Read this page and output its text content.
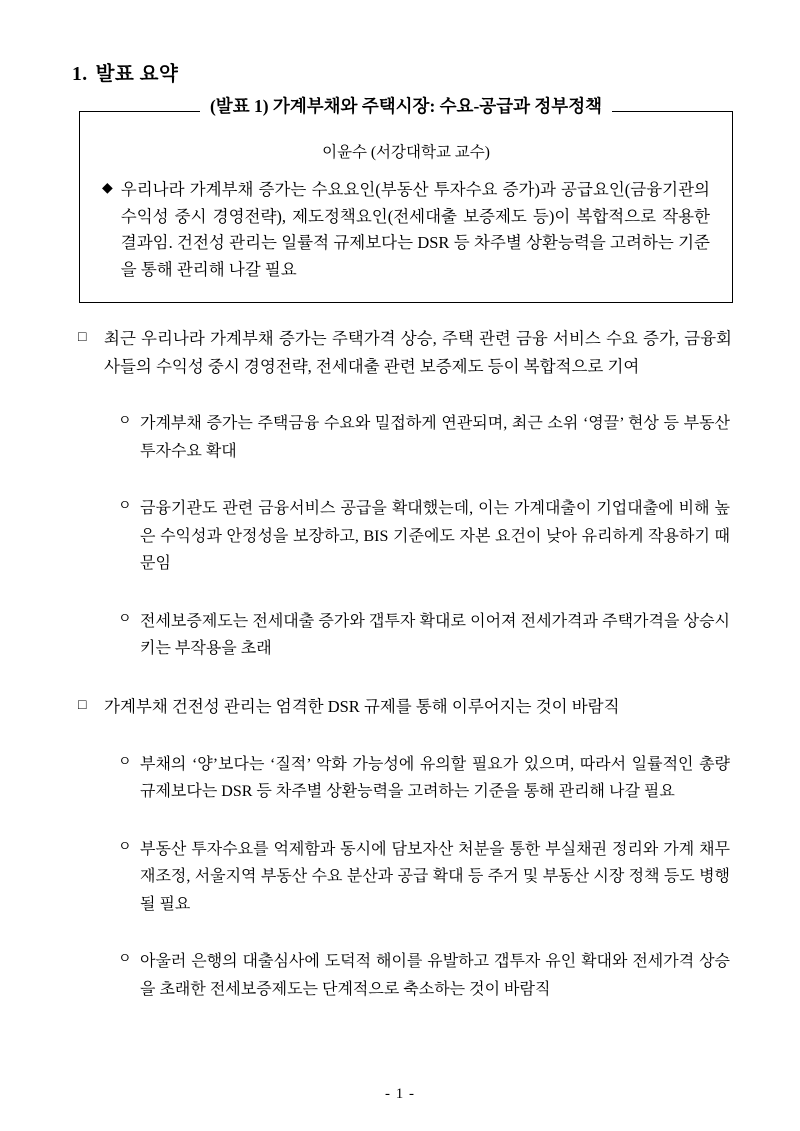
1. 발표 요약
(발표 1) 가계부채와 주택시장: 수요-공급과 정부정책
이윤수 (서강대학교 교수)
◆ 우리나라 가계부채 증가는 수요요인(부동산 투자수요 증가)과 공급요인(금융기관의 수익성 중시 경영전략), 제도정책요인(전세대출 보증제도 등)이 복합적으로 작용한 결과임. 건전성 관리는 일률적 규제보다는 DSR 등 차주별 상환능력을 고려하는 기준을 통해 관리해 나갈 필요
□	최근 우리나라 가계부채 증가는 주택가격 상승, 주택 관련 금융 서비스 수요 증가, 금융회사들의 수익성 중시 경영전략, 전세대출 관련 보증제도 등이 복합적으로 기여
ㅇ 가계부채 증가는 주택금융 수요와 밀접하게 연관되며, 최근 소위 ‘영끌’ 현상 등 부동산 투자수요 확대
ㅇ 금융기관도 관련 금융서비스 공급을 확대했는데, 이는 가계대출이 기업대출에 비해 높은 수익성과 안정성을 보장하고, BIS 기준에도 자본 요건이 낮아 유리하게 작용하기 때문임
ㅇ 전세보증제도는 전세대출 증가와 갭투자 확대로 이어져 전세가격과 주택가격을 상승시키는 부작용을 초래
□	가계부채 건전성 관리는 엄격한 DSR 규제를 통해 이루어지는 것이 바람직
ㅇ 부채의 ‘양’보다는 ‘질적’ 악화 가능성에 유의할 필요가 있으며, 따라서 일률적인 총량 규제보다는 DSR 등 차주별 상환능력을 고려하는 기준을 통해 관리해 나갈 필요
ㅇ 부동산 투자수요를 억제함과 동시에 담보자산 처분을 통한 부실채권 정리와 가계 채무 재조정, 서울지역 부동산 수요 분산과 공급 확대 등 주거 및 부동산 시장 정책 등도 병행될 필요
ㅇ 아울러 은행의 대출심사에 도덕적 해이를 유발하고 갭투자 유인 확대와 전세가격 상승을 초래한 전세보증제도는 단계적으로 축소하는 것이 바람직
- 1 -
